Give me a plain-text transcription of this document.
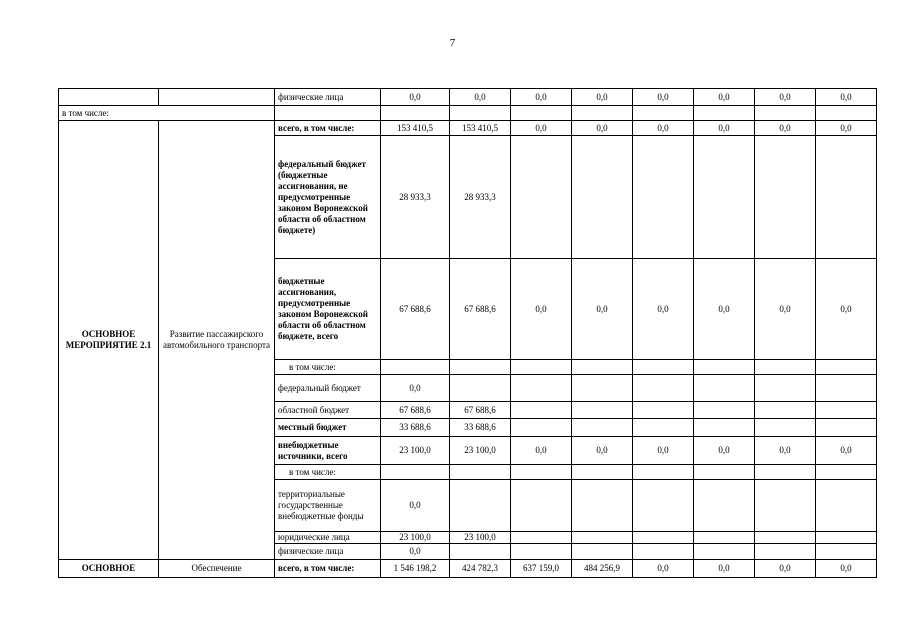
7
		физические лица	0,0	0,0	0,0	0,0	0,0	0,0	0,0	0,0
в том числе:										
ОСНОВНОЕ МЕРОПРИЯТИЕ 2.1	Развитие пассажирского автомобильного транспорта	всего, в том числе:	153 410,5	153 410,5	0,0	0,0	0,0	0,0	0,0	0,0
		федеральный бюджет (бюджетные ассигнования, не предусмотренные законом Воронежской области об областном бюджете)	28 933,3	28 933,3						
		бюджетные ассигнования, предусмотренные законом Воронежской области об областном бюджете, всего	67 688,6	67 688,6	0,0	0,0	0,0	0,0	0,0	0,0
		в том числе:								
		федеральный бюджет	0,0							
		областной бюджет	67 688,6	67 688,6						
		местный бюджет	33 688,6	33 688,6						
		внебюджетные источники, всего	23 100,0	23 100,0	0,0	0,0	0,0	0,0	0,0	0,0
		в том числе:								
		территориальные государственные внебюджетные фонды	0,0							
		юридические лица	23 100,0	23 100,0						
		физические лица	0,0							
ОСНОВНОЕ	Обеспечение	всего, в том числе:	1 546 198,2	424 782,3	637 159,0	484 256,9	0,0	0,0	0,0	0,0
